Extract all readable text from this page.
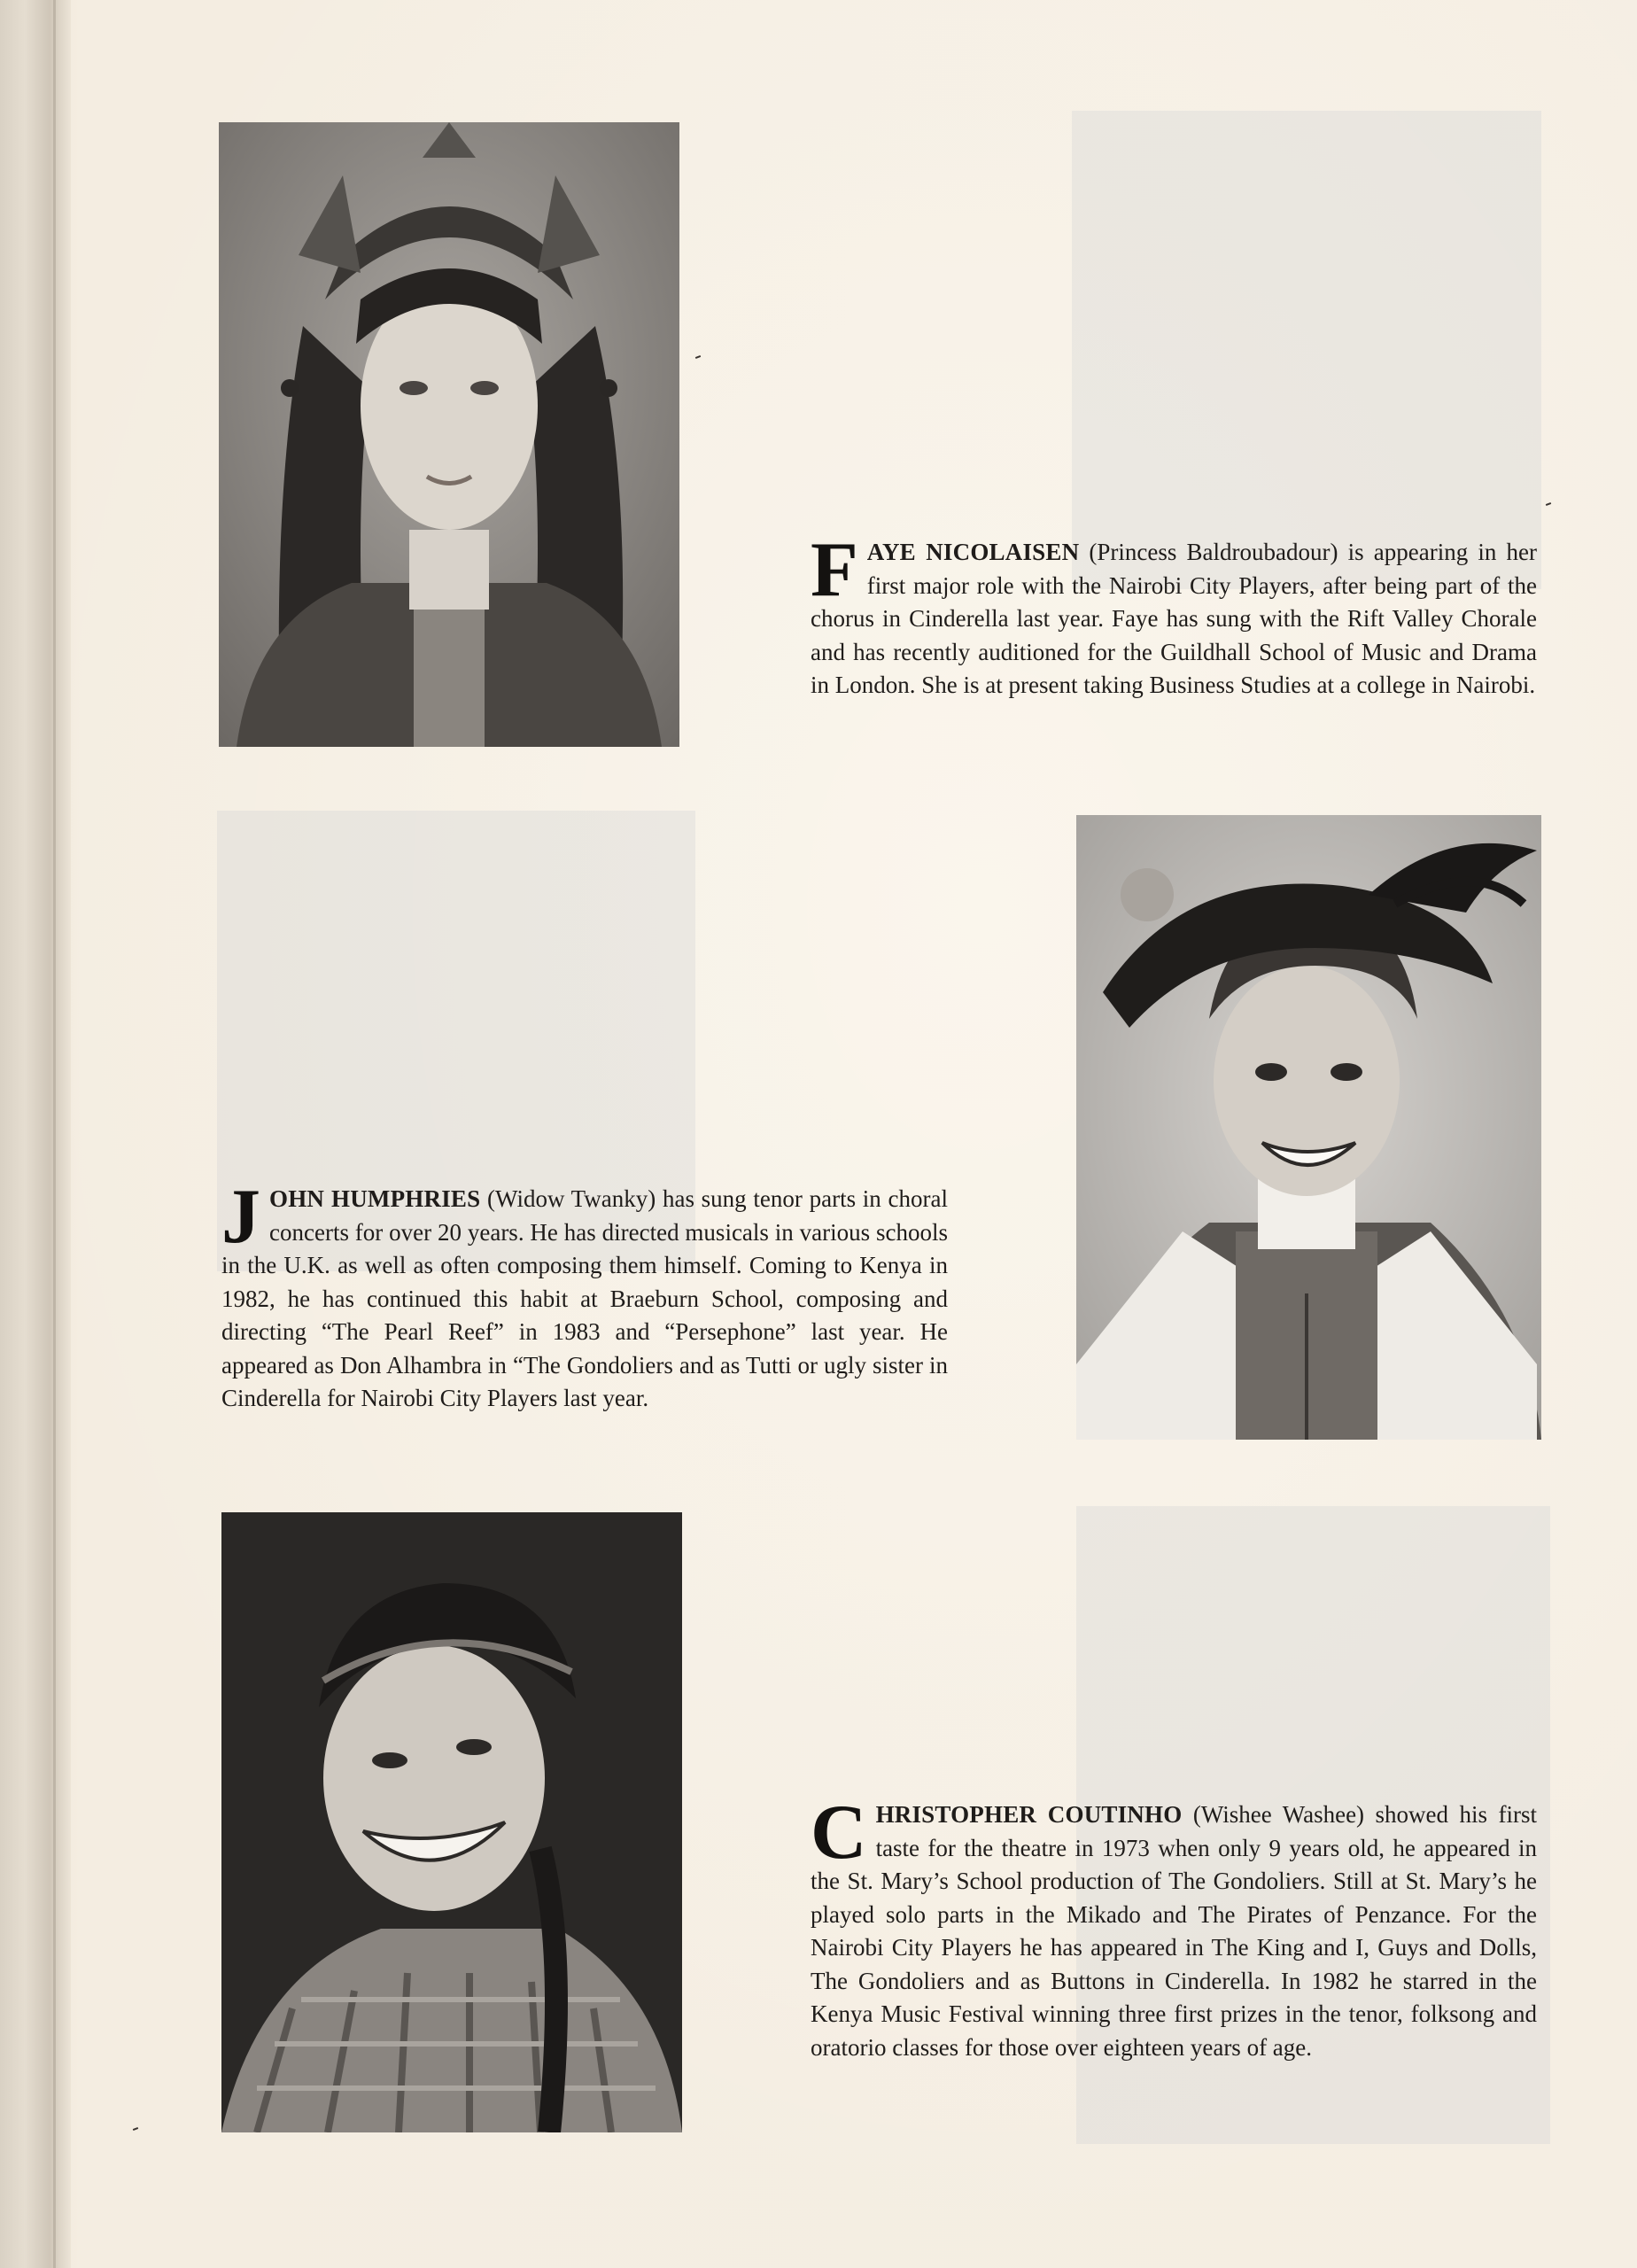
FAYE NICOLAISEN (Princess Baldroubadour) is appearing in her first major role with the Nairobi City Players, after being part of the chorus in Cinderella last year. Faye has sung with the Rift Valley Chorale and has recently auditioned for the Guildhall School of Music and Drama in London. She is at present taking Business Studies at a college in Nairobi.
JOHN HUMPHRIES (Widow Twanky) has sung tenor parts in choral concerts for over 20 years. He has directed musicals in various schools in the U.K. as well as often composing them himself. Coming to Kenya in 1982, he has continued this habit at Braeburn School, composing and directing “The Pearl Reef” in 1983 and “Persephone” last year. He appeared as Don Alhambra in “The Gondoliers and as Tutti or ugly sister in Cinderella for Nairobi City Players last year.
CHRISTOPHER COUTINHO (Wishee Washee) showed his first taste for the theatre in 1973 when only 9 years old, he appeared in the St. Mary’s School production of The Gondoliers. Still at St. Mary’s he played solo parts in the Mikado and The Pirates of Penzance. For the Nairobi City Players he has appeared in The King and I, Guys and Dolls, The Gondoliers and as Buttons in Cinderella. In 1982 he starred in the Kenya Music Festival winning three first prizes in the tenor, folksong and oratorio classes for those over eighteen years of age.
